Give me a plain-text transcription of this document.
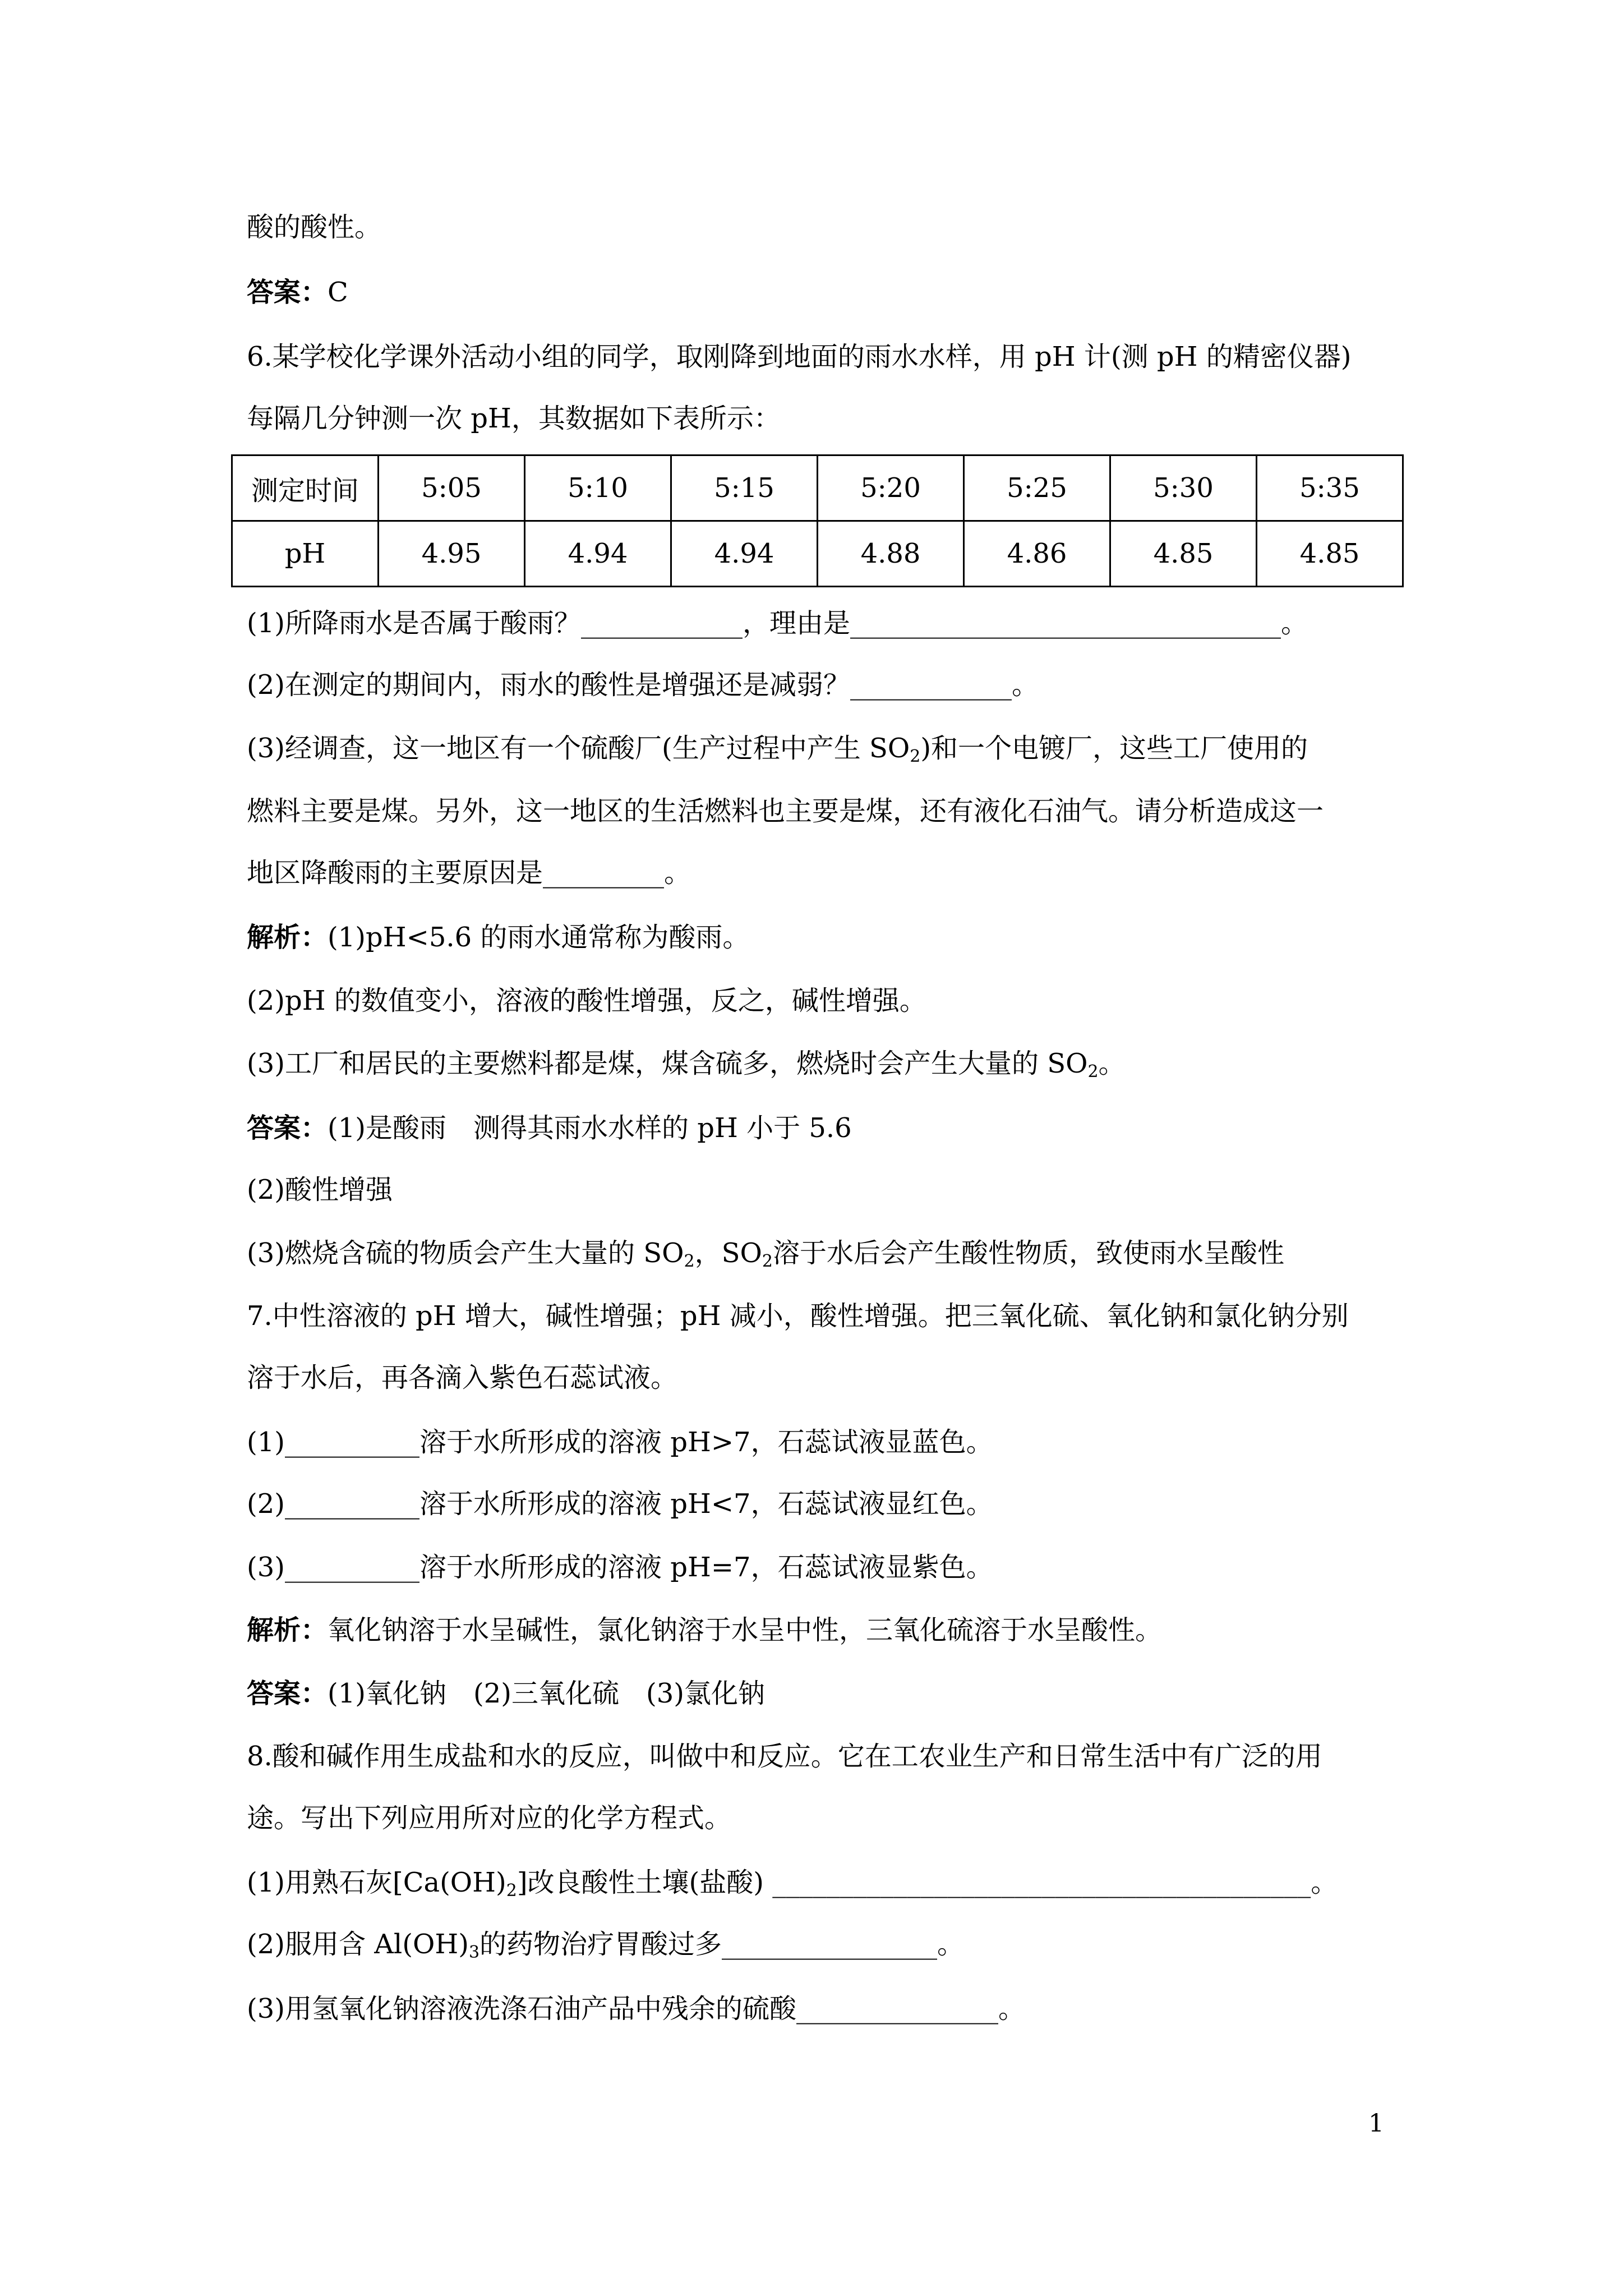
酸的酸性。
答案：C
6.某学校化学课外活动小组的同学，取刚降到地面的雨水水样，用 pH 计(测 pH 的精密仪器)
每隔几分钟测一次 pH，其数据如下表所示：
测定时间	5:05	5:10	5:15	5:20	5:25	5:30	5:35
pH	4.95	4.94	4.94	4.88	4.86	4.85	4.85
(1)所降雨水是否属于酸雨？____________，理由是________________________________。
(2)在测定的期间内，雨水的酸性是增强还是减弱？____________。
(3)经调查，这一地区有一个硫酸厂(生产过程中产生 $SO_2$)和一个电镀厂，这些工厂使用的
燃料主要是煤。另外，这一地区的生活燃料也主要是煤，还有液化石油气。请分析造成这一
地区降酸雨的主要原因是_________。
解析：(1)pH<5.6 的雨水通常称为酸雨。
(2)pH 的数值变小，溶液的酸性增强，反之，碱性增强。
(3)工厂和居民的主要燃料都是煤，煤含硫多，燃烧时会产生大量的 $SO_2$。
答案：(1)是酸雨　测得其雨水水样的 pH 小于 5.6
(2)酸性增强
(3)燃烧含硫的物质会产生大量的 $SO_2$，$SO_2$溶于水后会产生酸性物质，致使雨水呈酸性
7.中性溶液的 pH 增大，碱性增强；pH 减小，酸性增强。把三氧化硫、氧化钠和氯化钠分别
溶于水后，再各滴入紫色石蕊试液。
(1)__________溶于水所形成的溶液 pH>7，石蕊试液显蓝色。
(2)__________溶于水所形成的溶液 pH<7，石蕊试液显红色。
(3)__________溶于水所形成的溶液 pH=7，石蕊试液显紫色。
解析：氧化钠溶于水呈碱性，氯化钠溶于水呈中性，三氧化硫溶于水呈酸性。
答案：(1)氧化钠　(2)三氧化硫　(3)氯化钠
8.酸和碱作用生成盐和水的反应，叫做中和反应。它在工农业生产和日常生活中有广泛的用
途。写出下列应用所对应的化学方程式。
(1)用熟石灰$[Ca(OH)_2]$改良酸性土壤(盐酸) ________________________________________。
(2)服用含 $Al(OH)_3$的药物治疗胃酸过多________________。
(3)用氢氧化钠溶液洗涤石油产品中残余的硫酸_______________。
1
